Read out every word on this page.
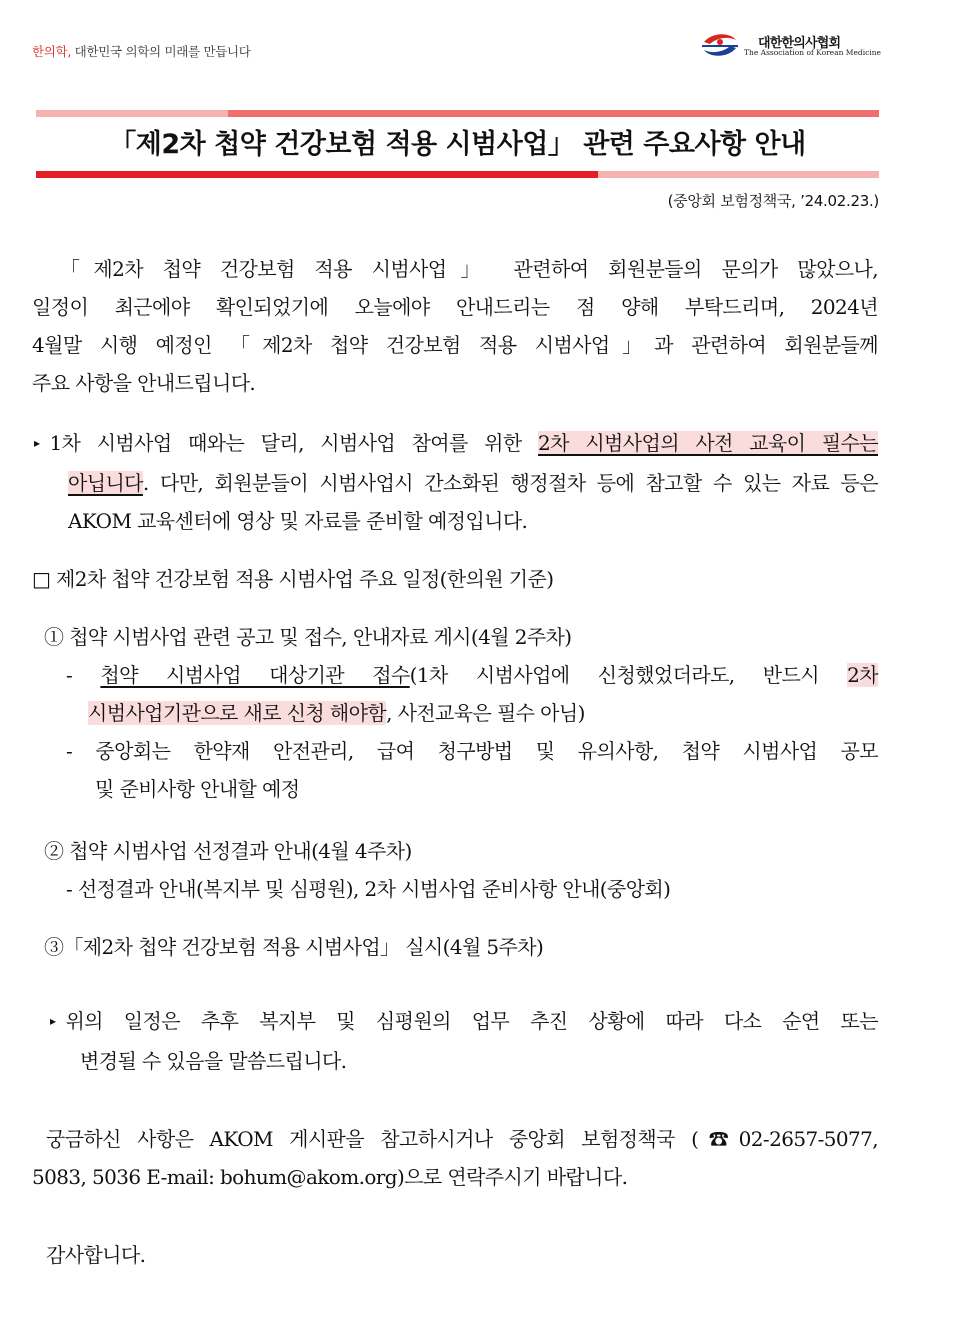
한의학, 대한민국 의학의 미래를 만듭니다
대한한의사협회
The Association of Korean Medicine
「제2차 첩약 건강보험 적용 시범사업」 관련 주요사항 안내
(중앙회 보험정책국, ’24.02.23.)
「제2차 첩약 건강보험 적용 시범사업」 관련하여 회원분들의 문의가 많았으나,
일정이 최근에야 확인되었기에 오늘에야 안내드리는 점 양해 부탁드리며, 2024년
4월말 시행 예정인 「제2차 첩약 건강보험 적용 시범사업」과 관련하여 회원분들께
주요 사항을 안내드립니다.
▸ 1차 시범사업 때와는 달리, 시범사업 참여를 위한 2차 시범사업의 사전 교육이 필수는
아닙니다. 다만, 회원분들이 시범사업시 간소화된 행정절차 등에 참고할 수 있는 자료 등은
AKOM 교육센터에 영상 및 자료를 준비할 예정입니다.
□ 제2차 첩약 건강보험 적용 시범사업 주요 일정(한의원 기준)
① 첩약 시범사업 관련 공고 및 접수, 안내자료 게시(4월 2주차)
- 첩약 시범사업 대상기관 접수(1차 시범사업에 신청했었더라도, 반드시 2차
시범사업기관으로 새로 신청 해야함, 사전교육은 필수 아님)
- 중앙회는 한약재 안전관리, 급여 청구방법 및 유의사항, 첩약 시범사업 공모
및 준비사항 안내할 예정
② 첩약 시범사업 선정결과 안내(4월 4주차)
- 선정결과 안내(복지부 및 심평원), 2차 시범사업 준비사항 안내(중앙회)
③「제2차 첩약 건강보험 적용 시범사업」 실시(4월 5주차)
▸ 위의 일정은 추후 복지부 및 심평원의 업무 추진 상황에 따라 다소 순연 또는
변경될 수 있음을 말씀드립니다.
궁금하신 사항은 AKOM 게시판을 참고하시거나 중앙회 보험정책국 (☎02-2657-5077,
5083, 5036 E-mail: bohum@akom.org)으로 연락주시기 바랍니다.
감사합니다.
